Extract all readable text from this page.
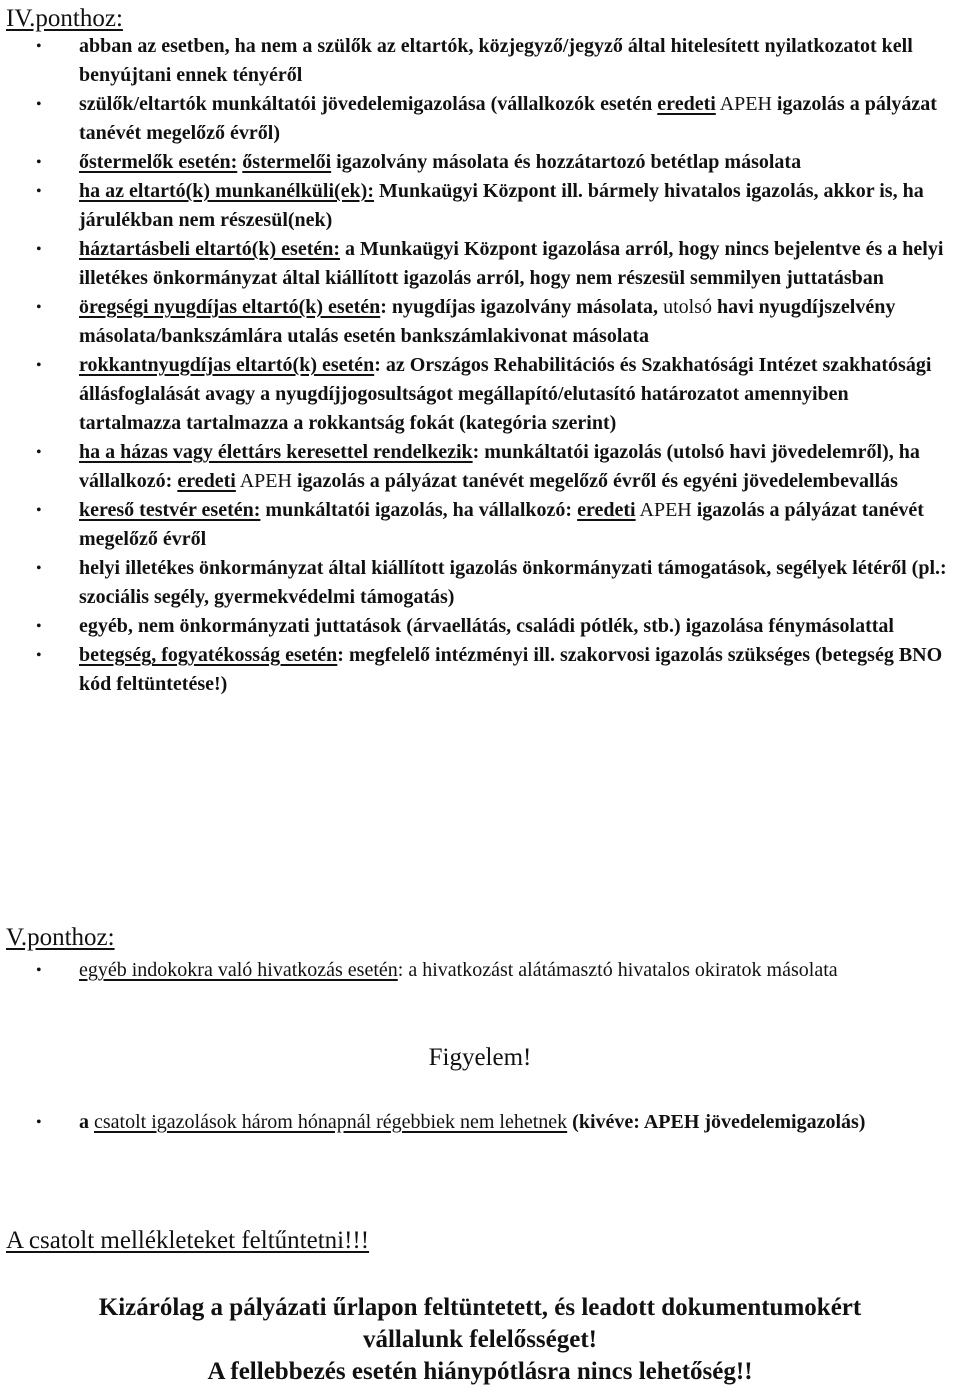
IV.ponthoz:
• abban az esetben, ha nem a szülők az eltartók, közjegyző/jegyző által hitelesített nyilatkozatot kell benyújtani ennek tényéről
• szülők/eltartók munkáltatói jövedelemigazolása (vállalkozók esetén eredeti APEH igazolás a pályázat tanévét megelőző évről)
• őstermelők esetén: őstermelői igazolvány másolata és hozzátartozó betétlap másolata
• ha az eltartó(k) munkanélküli(ek): Munkaügyi Központ ill. bármely hivatalos igazolás, akkor is, ha járulékban nem részesül(nek)
• háztartásbeli eltartó(k) esetén: a Munkaügyi Központ igazolása arról, hogy nincs bejelentve és a helyi illetékes önkormányzat által kiállított igazolás arról, hogy nem részesül semmilyen juttatásban
• öregségi nyugdíjas eltartó(k) esetén: nyugdíjas igazolvány másolata, utolsó havi nyugdíjszelvény másolata/bankszámlára utalás esetén bankszámlakivonat másolata
• rokkantnyugdíjas eltartó(k) esetén: az Országos Rehabilitációs és Szakhatósági Intézet szakhatósági állásfoglalását avagy a nyugdíjjogosultságot megállapító/elutasító határozatot amennyiben tartalmazza tartalmazza a rokkantság fokát (kategória szerint)
• ha a házas vagy élettárs keresettel rendelkezik: munkáltatói igazolás (utolsó havi jövedelemről), ha vállalkozó: eredeti APEH igazolás a pályázat tanévét megelőző évről és egyéni jövedelembevallás
• kereső testvér esetén: munkáltatói igazolás, ha vállalkozó: eredeti APEH igazolás a pályázat tanévét megelőző évről
• helyi illetékes önkormányzat által kiállított igazolás önkormányzati támogatások, segélyek létéről (pl.: szociális segély, gyermekvédelmi támogatás)
• egyéb, nem önkormányzati juttatások (árvaellátás, családi pótlék, stb.) igazolása fénymásolattal
• betegség, fogyatékosság esetén: megfelelő intézményi ill. szakorvosi igazolás szükséges (betegség BNO kód feltüntetése!)
V.ponthoz:
• egyéb indokokra való hivatkozás esetén: a hivatkozást alátámasztó hivatalos okiratok másolata

Figyelem!

• a csatolt igazolások három hónapnál régebbiek nem lehetnek (kivéve: APEH jövedelemigazolás)

A csatolt mellékleteket feltűntetni!!!

Kizárólag a pályázati űrlapon feltüntetett, és leadott dokumentumokért
vállalunk felelősséget!
A fellebbezés esetén hiánypótlásra nincs lehetőség!!
